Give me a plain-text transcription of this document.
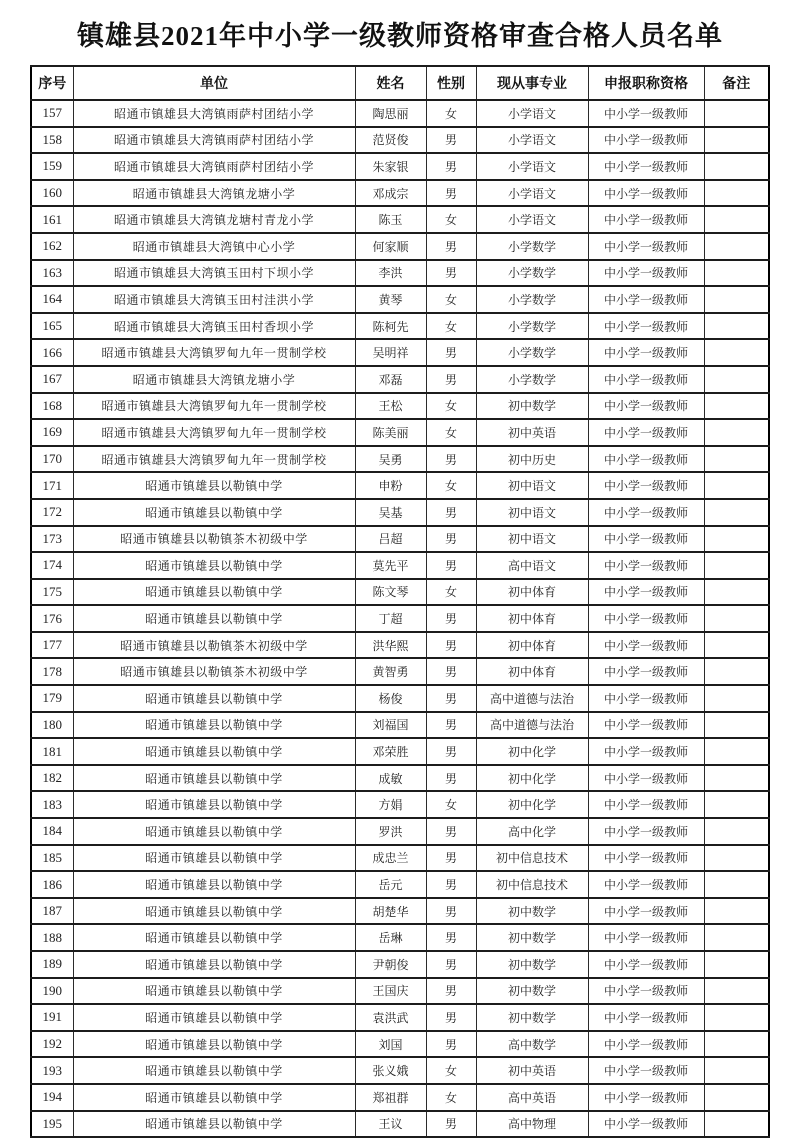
镇雄县2021年中小学一级教师资格审查合格人员名单
序号	单位	姓名	性别	现从事专业	申报职称资格	备注
157	昭通市镇雄县大湾镇雨萨村团结小学	陶思丽	女	小学语文	中小学一级教师	
158	昭通市镇雄县大湾镇雨萨村团结小学	范贤俊	男	小学语文	中小学一级教师	
159	昭通市镇雄县大湾镇雨萨村团结小学	朱家银	男	小学语文	中小学一级教师	
160	昭通市镇雄县大湾镇龙塘小学	邓成宗	男	小学语文	中小学一级教师	
161	昭通市镇雄县大湾镇龙塘村青龙小学	陈玉	女	小学语文	中小学一级教师	
162	昭通市镇雄县大湾镇中心小学	何家顺	男	小学数学	中小学一级教师	
163	昭通市镇雄县大湾镇玉田村下坝小学	李洪	男	小学数学	中小学一级教师	
164	昭通市镇雄县大湾镇玉田村洼洪小学	黄琴	女	小学数学	中小学一级教师	
165	昭通市镇雄县大湾镇玉田村香坝小学	陈柯先	女	小学数学	中小学一级教师	
166	昭通市镇雄县大湾镇罗甸九年一贯制学校	吴明祥	男	小学数学	中小学一级教师	
167	昭通市镇雄县大湾镇龙塘小学	邓磊	男	小学数学	中小学一级教师	
168	昭通市镇雄县大湾镇罗甸九年一贯制学校	王松	女	初中数学	中小学一级教师	
169	昭通市镇雄县大湾镇罗甸九年一贯制学校	陈美丽	女	初中英语	中小学一级教师	
170	昭通市镇雄县大湾镇罗甸九年一贯制学校	吴勇	男	初中历史	中小学一级教师	
171	昭通市镇雄县以勒镇中学	申粉	女	初中语文	中小学一级教师	
172	昭通市镇雄县以勒镇中学	吴基	男	初中语文	中小学一级教师	
173	昭通市镇雄县以勒镇茶木初级中学	吕超	男	初中语文	中小学一级教师	
174	昭通市镇雄县以勒镇中学	莫先平	男	高中语文	中小学一级教师	
175	昭通市镇雄县以勒镇中学	陈文琴	女	初中体育	中小学一级教师	
176	昭通市镇雄县以勒镇中学	丁超	男	初中体育	中小学一级教师	
177	昭通市镇雄县以勒镇茶木初级中学	洪华熙	男	初中体育	中小学一级教师	
178	昭通市镇雄县以勒镇茶木初级中学	黄智勇	男	初中体育	中小学一级教师	
179	昭通市镇雄县以勒镇中学	杨俊	男	高中道德与法治	中小学一级教师	
180	昭通市镇雄县以勒镇中学	刘福国	男	高中道德与法治	中小学一级教师	
181	昭通市镇雄县以勒镇中学	邓荣胜	男	初中化学	中小学一级教师	
182	昭通市镇雄县以勒镇中学	成敏	男	初中化学	中小学一级教师	
183	昭通市镇雄县以勒镇中学	方娟	女	初中化学	中小学一级教师	
184	昭通市镇雄县以勒镇中学	罗洪	男	高中化学	中小学一级教师	
185	昭通市镇雄县以勒镇中学	成忠兰	男	初中信息技术	中小学一级教师	
186	昭通市镇雄县以勒镇中学	岳元	男	初中信息技术	中小学一级教师	
187	昭通市镇雄县以勒镇中学	胡楚华	男	初中数学	中小学一级教师	
188	昭通市镇雄县以勒镇中学	岳琳	男	初中数学	中小学一级教师	
189	昭通市镇雄县以勒镇中学	尹朝俊	男	初中数学	中小学一级教师	
190	昭通市镇雄县以勒镇中学	王国庆	男	初中数学	中小学一级教师	
191	昭通市镇雄县以勒镇中学	袁洪武	男	初中数学	中小学一级教师	
192	昭通市镇雄县以勒镇中学	刘国	男	高中数学	中小学一级教师	
193	昭通市镇雄县以勒镇中学	张义娥	女	初中英语	中小学一级教师	
194	昭通市镇雄县以勒镇中学	郑祖群	女	高中英语	中小学一级教师	
195	昭通市镇雄县以勒镇中学	王议	男	高中物理	中小学一级教师	
